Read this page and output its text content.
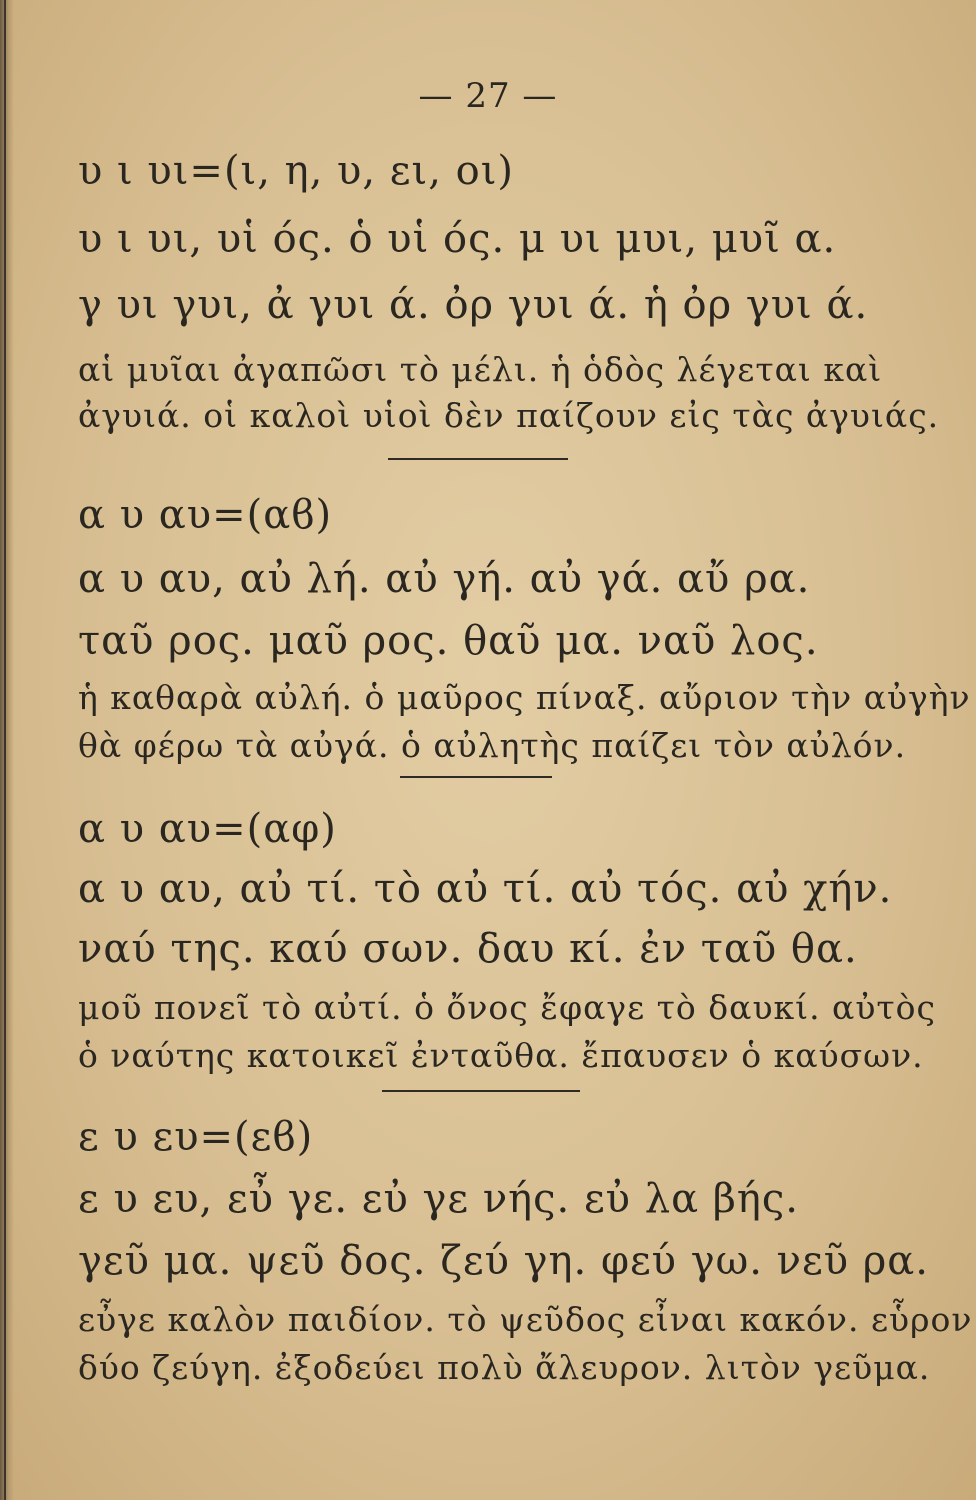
— 27 —
υ ι υι=(ι, η, υ, ει, οι)
υ ι υι, υἱ ός. ὁ υἱ ός. μ υι μυι, μυῖ α.
γ υι γυι, ἀ γυι ά. ὀρ γυι ά. ἡ ὀρ γυι ά.
αἱ μυῖαι ἀγαπῶσι τὸ μέλι. ἡ ὁδὸς λέγεται καὶ
ἀγυιά. οἱ καλοὶ υἱοὶ δὲν παίζουν εἰς τὰς ἀγυιάς.
α υ αυ=(αϐ)
α υ αυ, αὐ λή. αὐ γή. αὐ γά. αὔ ρα.
ταῦ ρος. μαῦ ρος. θαῦ μα. ναῦ λος.
ἡ καθαρὰ αὐλή. ὁ μαῦρος πίναξ. αὔριον τὴν αὐγὴν
θὰ φέρω τὰ αὐγά. ὁ αὐλητὴς παίζει τὸν αὐλόν.
α υ αυ=(αφ)
α υ αυ, αὐ τί. τὸ αὐ τί. αὐ τός. αὐ χήν.
ναύ της. καύ σων. δαυ κί. ἐν ταῦ θα.
μοῦ πονεῖ τὸ αὐτί. ὁ ὄνος ἔφαγε τὸ δαυκί. αὐτὸς
ὁ ναύτης κατοικεῖ ἐνταῦθα. ἔπαυσεν ὁ καύσων.
ε υ ευ=(εϐ)
ε υ ευ, εὖ γε. εὐ γε νής. εὐ λα βής.
γεῦ μα. ψεῦ δος. ζεύ γη. φεύ γω. νεῦ ρα.
εὖγε καλὸν παιδίον. τὸ ψεῦδος εἶναι κακόν. εὗρον
δύο ζεύγη. ἐξοδεύει πολὺ ἄλευρον. λιτὸν γεῦμα.
